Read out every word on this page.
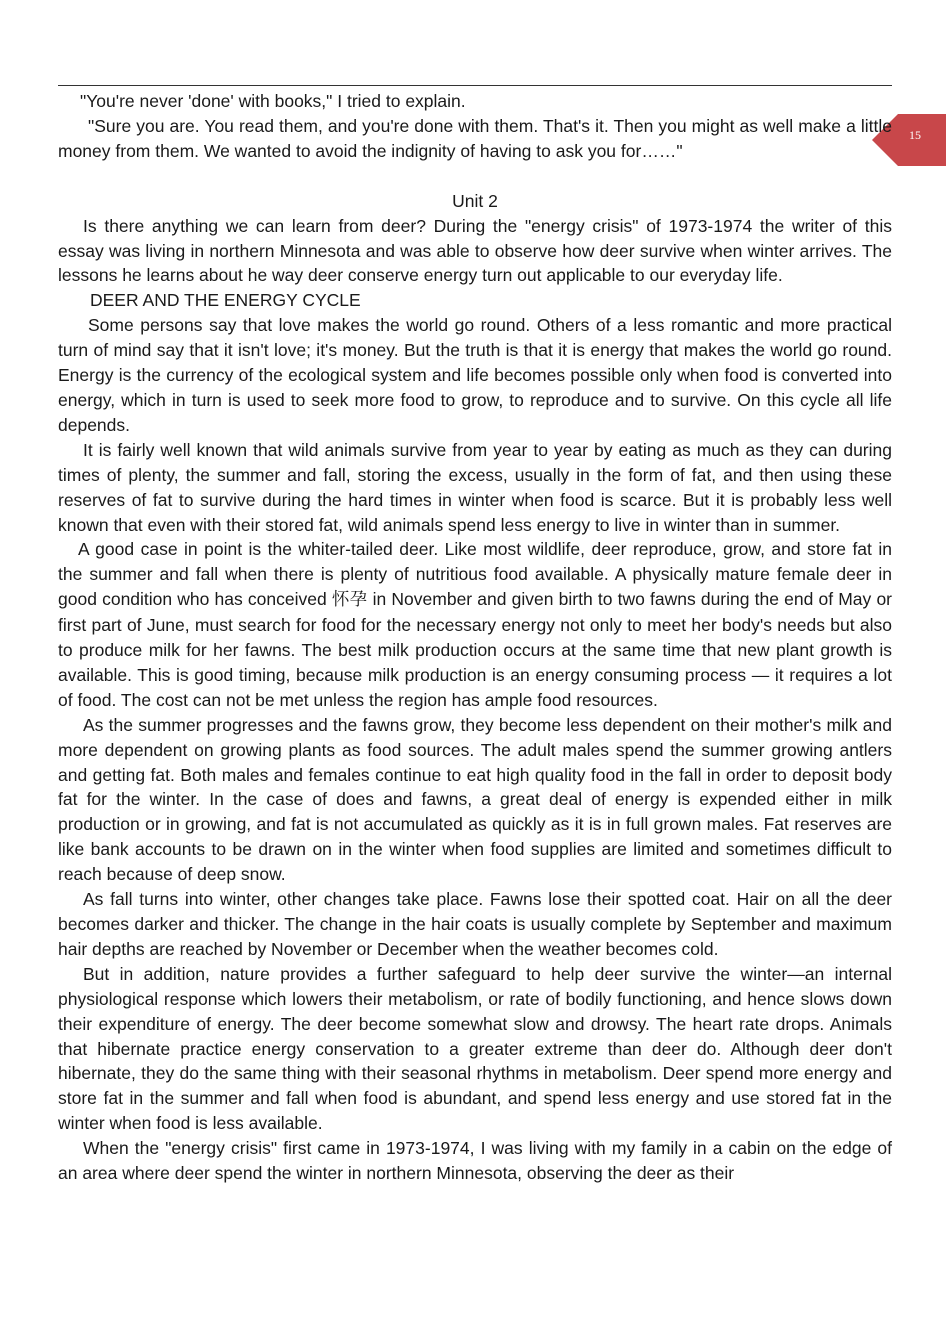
15

"You're never 'done' with books," I tried to explain.

"Sure you are. You read them, and you're done with them. That's it. Then you might as well make a little money from them. We wanted to avoid the indignity of having to ask you for……"

Unit 2

Is there anything we can learn from deer? During the "energy crisis" of 1973-1974 the writer of this essay was living in northern Minnesota and was able to observe how deer survive when winter arrives. The lessons he learns about he way deer conserve energy turn out applicable to our everyday life.

DEER AND THE ENERGY CYCLE

Some persons say that love makes the world go round. Others of a less romantic and more practical turn of mind say that it isn't love; it's money. But the truth is that it is energy that makes the world go round. Energy is the currency of the ecological system and life becomes possible only when food is converted into energy, which in turn is used to seek more food to grow, to reproduce and to survive. On this cycle all life depends.

It is fairly well known that wild animals survive from year to year by eating as much as they can during times of plenty, the summer and fall, storing the excess, usually in the form of fat, and then using these reserves of fat to survive during the hard times in winter when food is scarce. But it is probably less well known that even with their stored fat, wild animals spend less energy to live in winter than in summer.

A good case in point is the whiter-tailed deer. Like most wildlife, deer reproduce, grow, and store fat in the summer and fall when there is plenty of nutritious food available. A physically mature female deer in good condition who has conceived 怀孕 in November and given birth to two fawns during the end of May or first part of June, must search for food for the necessary energy not only to meet her body's needs but also to produce milk for her fawns. The best milk production occurs at the same time that new plant growth is available. This is good timing, because milk production is an energy consuming process — it requires a lot of food. The cost can not be met unless the region has ample food resources.

As the summer progresses and the fawns grow, they become less dependent on their mother's milk and more dependent on growing plants as food sources. The adult males spend the summer growing antlers and getting fat. Both males and females continue to eat high quality food in the fall in order to deposit body fat for the winter. In the case of does and fawns, a great deal of energy is expended either in milk production or in growing, and fat is not accumulated as quickly as it is in full grown males. Fat reserves are like bank accounts to be drawn on in the winter when food supplies are limited and sometimes difficult to reach because of deep snow.

As fall turns into winter, other changes take place. Fawns lose their spotted coat. Hair on all the deer becomes darker and thicker. The change in the hair coats is usually complete by September and maximum hair depths are reached by November or December when the weather becomes cold.

But in addition, nature provides a further safeguard to help deer survive the winter—an internal physiological response which lowers their metabolism, or rate of bodily functioning, and hence slows down their expenditure of energy. The deer become somewhat slow and drowsy. The heart rate drops. Animals that hibernate practice energy conservation to a greater extreme than deer do. Although deer don't hibernate, they do the same thing with their seasonal rhythms in metabolism. Deer spend more energy and store fat in the summer and fall when food is abundant, and spend less energy and use stored fat in the winter when food is less available.

When the "energy crisis" first came in 1973-1974, I was living with my family in a cabin on the edge of an area where deer spend the winter in northern Minnesota, observing the deer as their
